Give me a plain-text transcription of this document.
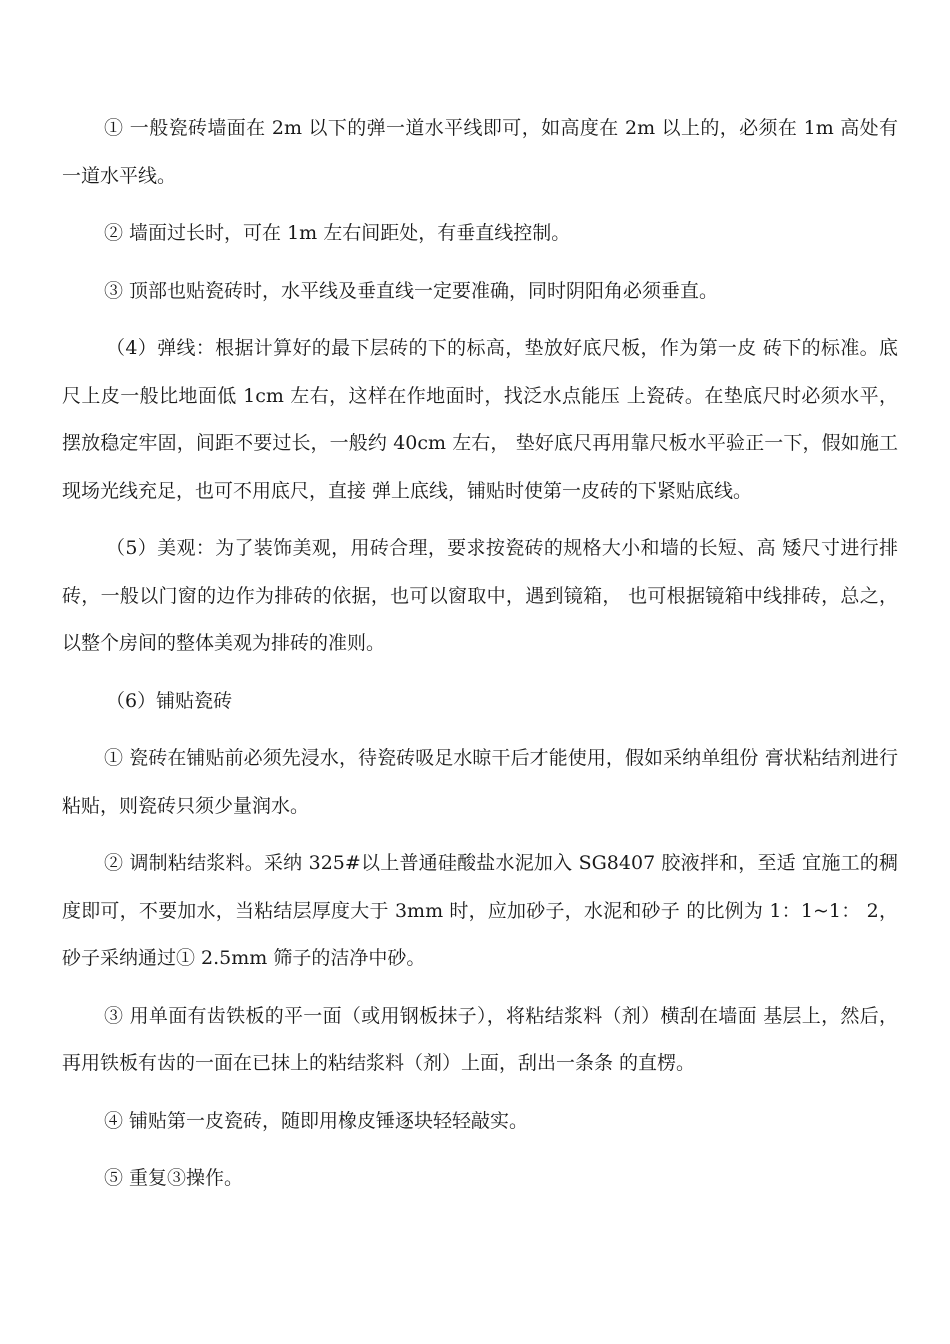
① 一般瓷砖墙面在 2m 以下的弹一道水平线即可，如高度在 2m 以上的，必须在 1m 高处有一道水平线。

② 墙面过长时，可在 1m 左右间距处，有垂直线控制。

③ 顶部也贴瓷砖时，水平线及垂直线一定要准确，同时阴阳角必须垂直。

（4）弹线：根据计算好的最下层砖的下的标高，垫放好底尺板，作为第一皮 砖下的标准。底尺上皮一般比地面低 1cm 左右，这样在作地面时，找泛水点能压 上瓷砖。在垫底尺时必须水平，摆放稳定牢固，间距不要过长，一般约 40cm 左右， 垫好底尺再用靠尺板水平验正一下，假如施工现场光线充足，也可不用底尺，直接 弹上底线，铺贴时使第一皮砖的下紧贴底线。

（5）美观：为了装饰美观，用砖合理，要求按瓷砖的规格大小和墙的长短、高 矮尺寸进行排砖，一般以门窗的边作为排砖的依据，也可以窗取中，遇到镜箱， 也可根据镜箱中线排砖，总之，以整个房间的整体美观为排砖的准则。

（6）铺贴瓷砖

① 瓷砖在铺贴前必须先浸水，待瓷砖吸足水晾干后才能使用，假如采纳单组份 膏状粘结剂进行粘贴，则瓷砖只须少量润水。

② 调制粘结浆料。采纳 325#以上普通硅酸盐水泥加入 SG8407 胶液拌和，至适 宜施工的稠度即可，不要加水，当粘结层厚度大于 3mm 时，应加砂子，水泥和砂子 的比例为 1：1~1： 2，砂子采纳通过① 2.5mm 筛子的洁净中砂。

③ 用单面有齿铁板的平一面（或用钢板抹子），将粘结浆料（剂）横刮在墙面 基层上，然后，再用铁板有齿的一面在已抹上的粘结浆料（剂）上面，刮出一条条 的直楞。

④ 铺贴第一皮瓷砖，随即用橡皮锤逐块轻轻敲实。

⑤ 重复③操作。
